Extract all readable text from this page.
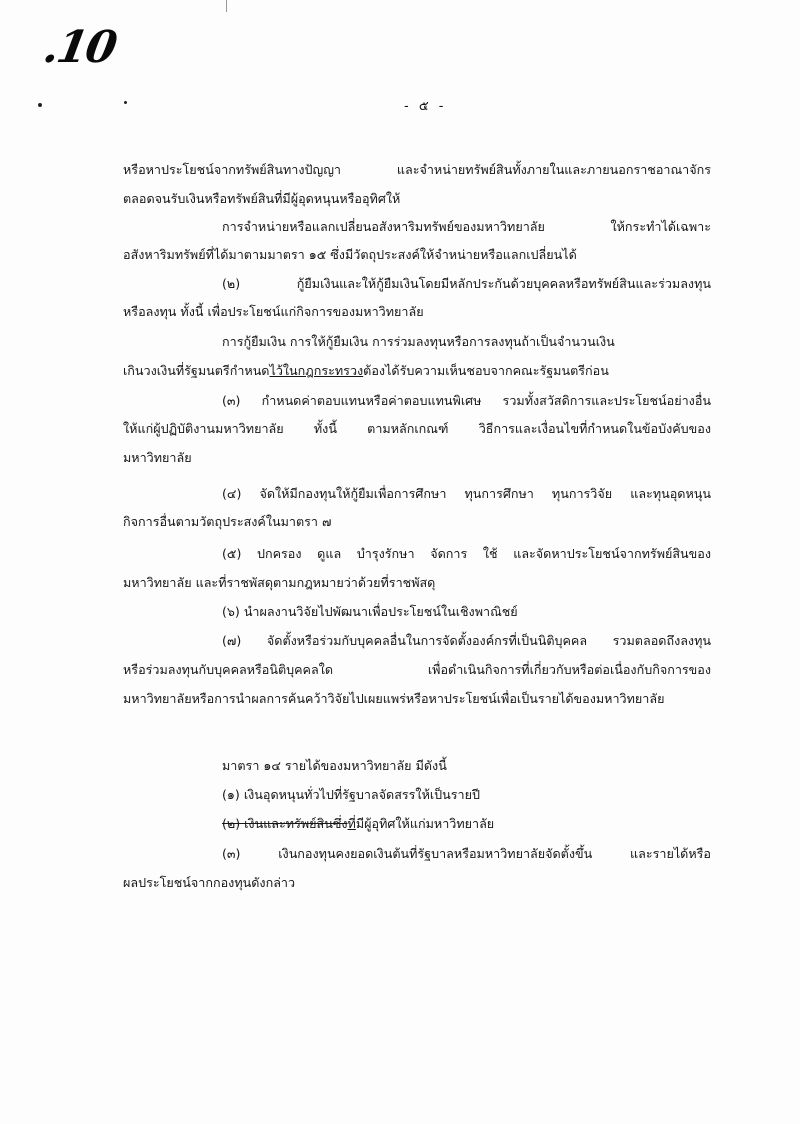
.10
- ๕ -
หรือหาประโยชน์จากทรัพย์สินทางปัญญา และจำหน่ายทรัพย์สินทั้งภายในและภายนอกราชอาณาจักร
ตลอดจนรับเงินหรือทรัพย์สินที่มีผู้อุดหนุนหรืออุทิศให้
การจำหน่ายหรือแลกเปลี่ยนอสังหาริมทรัพย์ของมหาวิทยาลัย ให้กระทำได้เฉพาะ
อสังหาริมทรัพย์ที่ได้มาตามมาตรา ๑๕ ซึ่งมีวัตถุประสงค์ให้จำหน่ายหรือแลกเปลี่ยนได้
(๒) กู้ยืมเงินและให้กู้ยืมเงินโดยมีหลักประกันด้วยบุคคลหรือทรัพย์สินและร่วมลงทุน
หรือลงทุน ทั้งนี้ เพื่อประโยชน์แก่กิจการของมหาวิทยาลัย
การกู้ยืมเงิน การให้กู้ยืมเงิน การร่วมลงทุนหรือการลงทุนถ้าเป็นจำนวนเงิน
เกินวงเงินที่รัฐมนตรีกำหนดไว้ในกฎกระทรวงต้องได้รับความเห็นชอบจากคณะรัฐมนตรีก่อน
(๓) กำหนดค่าตอบแทนหรือค่าตอบแทนพิเศษ รวมทั้งสวัสดิการและประโยชน์อย่างอื่น
ให้แก่ผู้ปฏิบัติงานมหาวิทยาลัย ทั้งนี้ ตามหลักเกณฑ์ วิธีการและเงื่อนไขที่กำหนดในข้อบังคับของ
มหาวิทยาลัย
(๔) จัดให้มีกองทุนให้กู้ยืมเพื่อการศึกษา ทุนการศึกษา ทุนการวิจัย และทุนอุดหนุน
กิจการอื่นตามวัตถุประสงค์ในมาตรา ๗
(๕) ปกครอง ดูแล บำรุงรักษา จัดการ ใช้ และจัดหาประโยชน์จากทรัพย์สินของ
มหาวิทยาลัย และที่ราชพัสดุตามกฎหมายว่าด้วยที่ราชพัสดุ
(๖) นำผลงานวิจัยไปพัฒนาเพื่อประโยชน์ในเชิงพาณิชย์
(๗) จัดตั้งหรือร่วมกับบุคคลอื่นในการจัดตั้งองค์กรที่เป็นนิติบุคคล รวมตลอดถึงลงทุน
หรือร่วมลงทุนกับบุคคลหรือนิติบุคคลใด เพื่อดำเนินกิจการที่เกี่ยวกับหรือต่อเนื่องกับกิจการของ
มหาวิทยาลัยหรือการนำผลการค้นคว้าวิจัยไปเผยแพร่หรือหาประโยชน์เพื่อเป็นรายได้ของมหาวิทยาลัย
มาตรา ๑๔ รายได้ของมหาวิทยาลัย มีดังนี้
(๑) เงินอุดหนุนทั่วไปที่รัฐบาลจัดสรรให้เป็นรายปี
(๒) เงินและทรัพย์สินซึ่งที่มีผู้อุทิศให้แก่มหาวิทยาลัย
(๓) เงินกองทุนคงยอดเงินต้นที่รัฐบาลหรือมหาวิทยาลัยจัดตั้งขึ้น และรายได้หรือ
ผลประโยชน์จากกองทุนดังกล่าว
